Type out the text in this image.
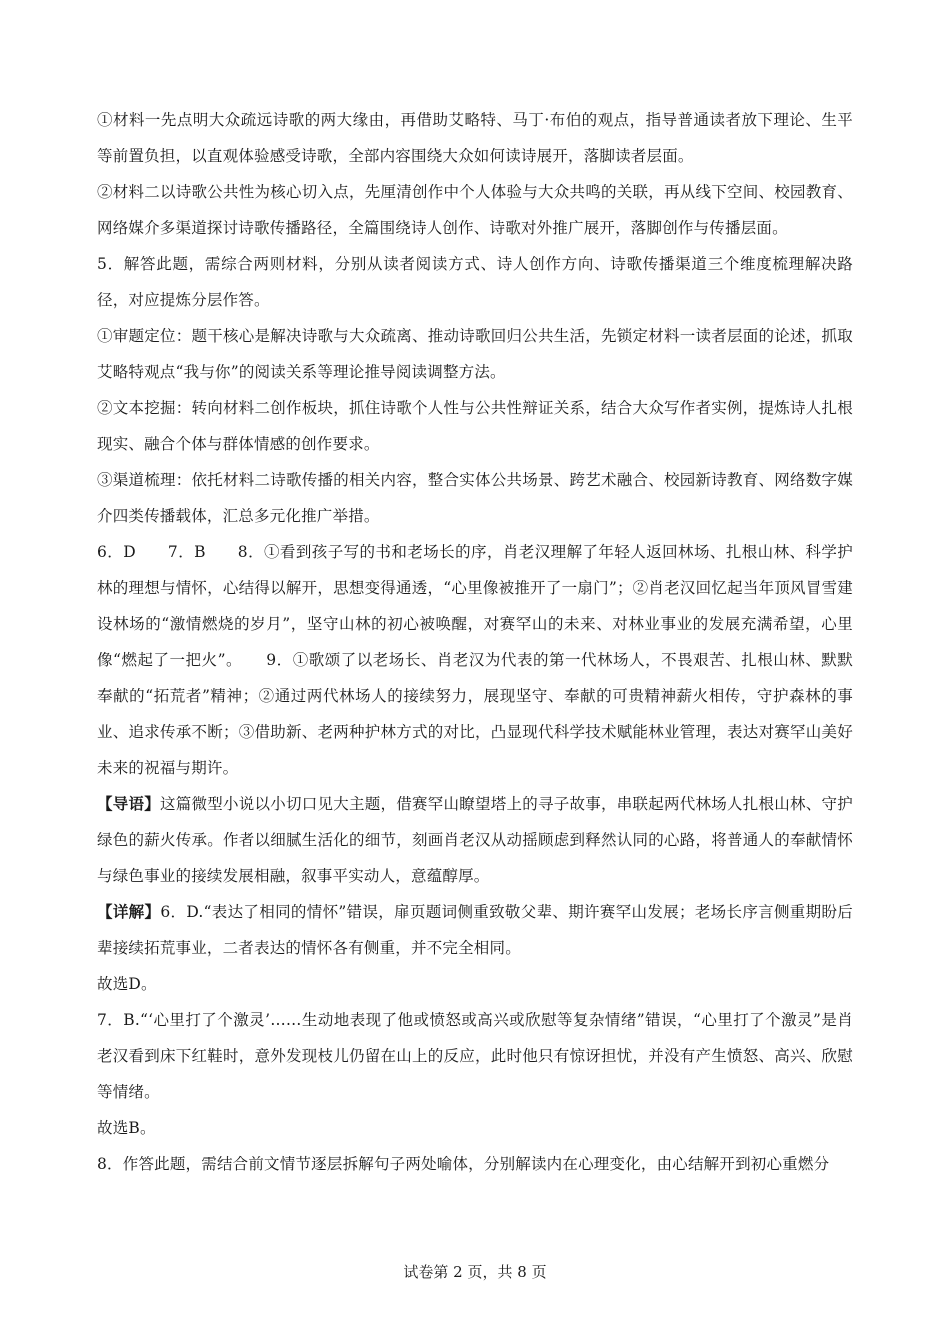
①材料一先点明大众疏远诗歌的两大缘由，再借助艾略特、马丁·布伯的观点，指导普通读者放下理论、生平等前置负担，以直观体验感受诗歌，全部内容围绕大众如何读诗展开，落脚读者层面。

②材料二以诗歌公共性为核心切入点，先厘清创作中个人体验与大众共鸣的关联，再从线下空间、校园教育、网络媒介多渠道探讨诗歌传播路径，全篇围绕诗人创作、诗歌对外推广展开，落脚创作与传播层面。

5．解答此题，需综合两则材料，分别从读者阅读方式、诗人创作方向、诗歌传播渠道三个维度梳理解决路径，对应提炼分层作答。

①审题定位：题干核心是解决诗歌与大众疏离、推动诗歌回归公共生活，先锁定材料一读者层面的论述，抓取艾略特观点“我与你”的阅读关系等理论推导阅读调整方法。

②文本挖掘：转向材料二创作板块，抓住诗歌个人性与公共性辩证关系，结合大众写作者实例，提炼诗人扎根现实、融合个体与群体情感的创作要求。

③渠道梳理：依托材料二诗歌传播的相关内容，整合实体公共场景、跨艺术融合、校园新诗教育、网络数字媒介四类传播载体，汇总多元化推广举措。

6．D　　7．B　　8．①看到孩子写的书和老场长的序，肖老汉理解了年轻人返回林场、扎根山林、科学护林的理想与情怀，心结得以解开，思想变得通透，“心里像被推开了一扇门”；②肖老汉回忆起当年顶风冒雪建设林场的“激情燃烧的岁月”，坚守山林的初心被唤醒，对赛罕山的未来、对林业事业的发展充满希望，心里像“燃起了一把火”。　　9．①歌颂了以老场长、肖老汉为代表的第一代林场人，不畏艰苦、扎根山林、默默奉献的“拓荒者”精神；②通过两代林场人的接续努力，展现坚守、奉献的可贵精神薪火相传，守护森林的事业、追求传承不断；③借助新、老两种护林方式的对比，凸显现代科学技术赋能林业管理，表达对赛罕山美好未来的祝福与期许。

【导语】这篇微型小说以小切口见大主题，借赛罕山瞭望塔上的寻子故事，串联起两代林场人扎根山林、守护绿色的薪火传承。作者以细腻生活化的细节，刻画肖老汉从动摇顾虑到释然认同的心路，将普通人的奉献情怀与绿色事业的接续发展相融，叙事平实动人，意蕴醇厚。

【详解】6．D.“表达了相同的情怀”错误，扉页题词侧重致敬父辈、期许赛罕山发展；老场长序言侧重期盼后辈接续拓荒事业，二者表达的情怀各有侧重，并不完全相同。

故选D。

7．B.“‘心里打了个激灵’……生动地表现了他或愤怒或高兴或欣慰等复杂情绪”错误，“心里打了个激灵”是肖老汉看到床下红鞋时，意外发现枝儿仍留在山上的反应，此时他只有惊讶担忧，并没有产生愤怒、高兴、欣慰等情绪。

故选B。

8．作答此题，需结合前文情节逐层拆解句子两处喻体，分别解读内在心理变化，由心结解开到初心重燃分

试卷第 2 页，共 8 页
